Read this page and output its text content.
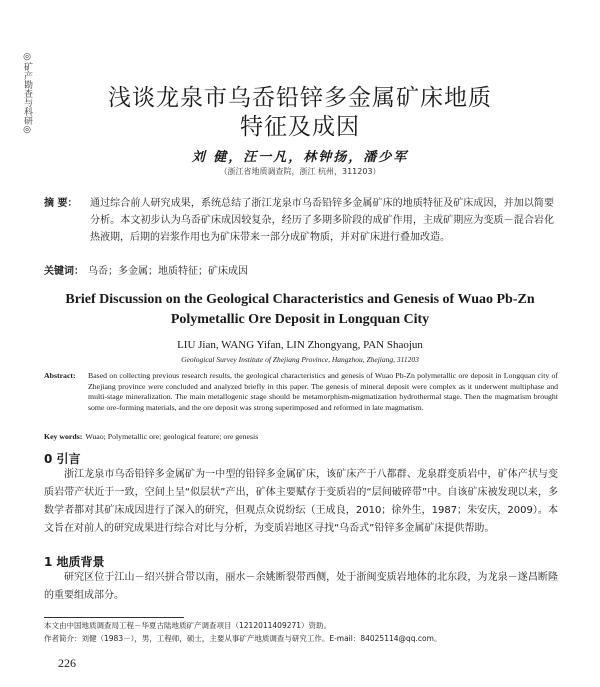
◎矿产勘查与科研◎	浅谈龙泉市乌岙铅锌多金属矿床地质
特征及成因
刘 健，汪一凡，林钟扬，潘少军
（浙江省地质调查院，浙江 杭州，311203）
摘 要：	通过综合前人研究成果，系统总结了浙江龙泉市乌岙铅锌多金属矿床的地质特征及矿床成因，并加以简要分析。本文初步认为乌岙矿床成因较复杂，经历了多期多阶段的成矿作用，主成矿期应为变质－混合岩化热液期，后期的岩浆作用也为矿床带来一部分成矿物质，并对矿床进行叠加改造。
关键词： 乌岙；多金属；地质特征；矿床成因
Brief Discussion on the Geological Characteristics and Genesis of Wuao Pb-Zn
Polymetallic Ore Deposit in Longquan City
LIU Jian, WANG Yifan, LIN Zhongyang, PAN Shaojun
Geological Survey Institute of Zhejiang Province, Hangzhou, Zhejiang, 311203
Abstract: Based on collecting previous research results, the geological characteristics and genesis of Wuao Pb-Zn polymetallic ore deposit in Longquan city of Zhejiang province were concluded and analyzed briefly in this paper. The genesis of mineral deposit were complex as it underwent multiphase and multi-stage mineralization. The main metallogenic stage should be metamorphism-migmatization hydrothermal stage. Then the magmatism brought some ore-forming materials, and the ore deposit was strong superimposed and reformed in late magmatism.
Key words: Wuao; Polymetallic ore; geological feature; ore genesis
0 引言
浙江龙泉市乌岙铅锌多金属矿为一中型的铅锌多金属矿床，该矿床产于八都群、龙泉群变质岩中，矿体产状与变质岩带产状近于一致，空间上呈“似层状”产出，矿体主要赋存于变质岩的“层间破碎带”中。自该矿床被发现以来，多数学者都对其矿床成因进行了深入的研究，但观点众说纷纭（王成良，2010；徐外生，1987；朱安庆，2009）。本文旨在对前人的研究成果进行综合对比与分析，为变质岩地区寻找“乌岙式”铅锌多金属矿床提供帮助。
1 地质背景
研究区位于江山－绍兴拼合带以南，丽水－余姚断裂带西侧，处于浙闽变质岩地体的北东段，为龙泉－遂昌断隆的重要组成部分。
本文由中国地质调查局工程－华夏古陆地质矿产调查项目（1212011409271）资助。
作者简介：刘健（1983－），男，工程师，硕士，主要从事矿产地质调查与研究工作。E-mail：84025114@qq.com。
226
